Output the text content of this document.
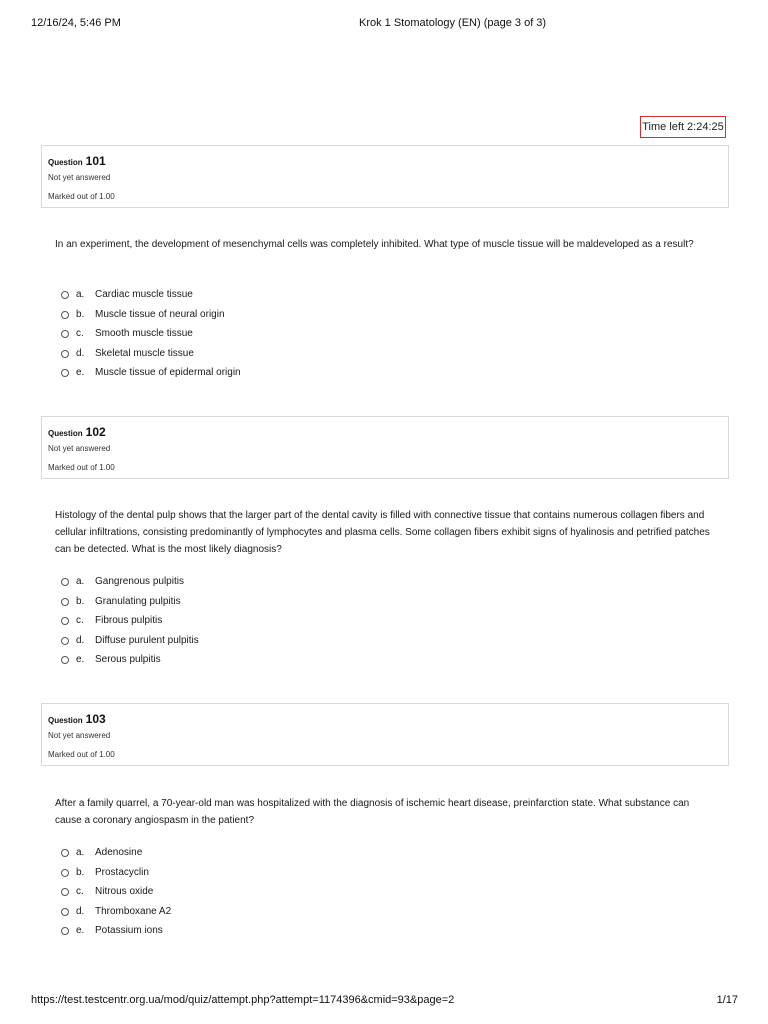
12/16/24, 5:46 PM	Krok 1 Stomatology (EN) (page 3 of 3)
Time left 2:24:25
Question 101
Not yet answered
Marked out of 1.00
In an experiment, the development of mesenchymal cells was completely inhibited. What type of muscle tissue will be maldeveloped as a result?
a. Cardiac muscle tissue
b. Muscle tissue of neural origin
c. Smooth muscle tissue
d. Skeletal muscle tissue
e. Muscle tissue of epidermal origin
Question 102
Not yet answered
Marked out of 1.00
Histology of the dental pulp shows that the larger part of the dental cavity is filled with connective tissue that contains numerous collagen fibers and cellular infiltrations, consisting predominantly of lymphocytes and plasma cells. Some collagen fibers exhibit signs of hyalinosis and petrified patches can be detected. What is the most likely diagnosis?
a. Gangrenous pulpitis
b. Granulating pulpitis
c. Fibrous pulpitis
d. Diffuse purulent pulpitis
e. Serous pulpitis
Question 103
Not yet answered
Marked out of 1.00
After a family quarrel, a 70-year-old man was hospitalized with the diagnosis of ischemic heart disease, preinfarction state. What substance can cause a coronary angiospasm in the patient?
a. Adenosine
b. Prostacyclin
c. Nitrous oxide
d. Thromboxane A2
e. Potassium ions
https://test.testcentr.org.ua/mod/quiz/attempt.php?attempt=1174396&cmid=93&page=2	1/17
